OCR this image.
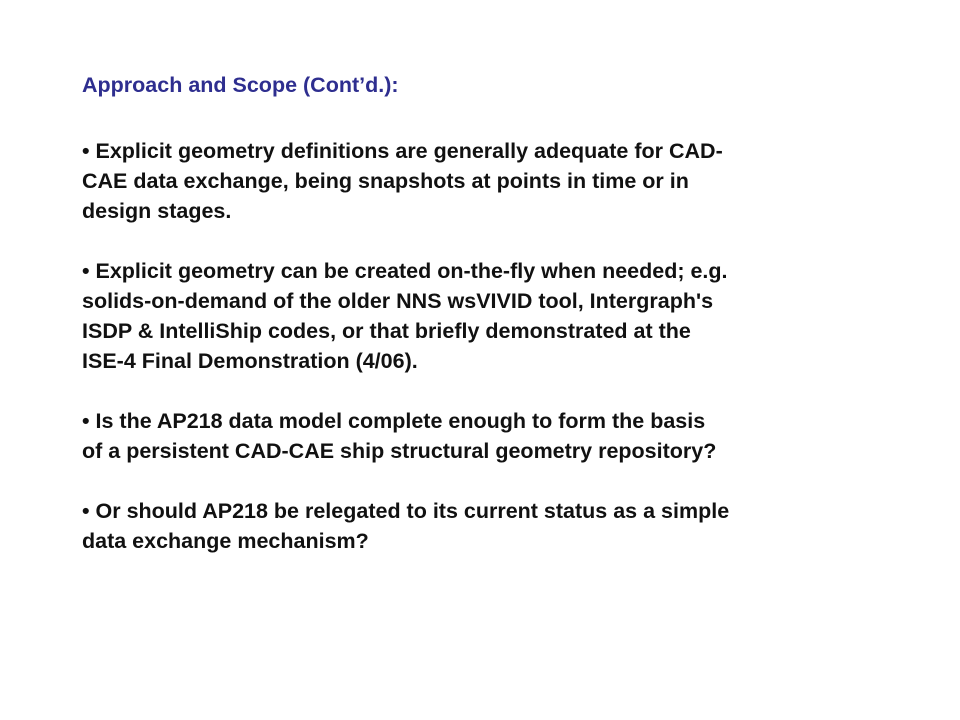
Approach and Scope (Cont’d.):
• Explicit geometry definitions are generally adequate for CAD-
CAE data exchange, being snapshots at points in time or in
design stages.
• Explicit geometry can be created on-the-fly when needed; e.g.
solids-on-demand of the older NNS wsVIVID tool, Intergraph's
ISDP & IntelliShip codes, or that briefly demonstrated at the
ISE-4 Final Demonstration (4/06).
• Is the AP218 data model complete enough to form the basis
of a persistent CAD-CAE ship structural geometry repository?
• Or should AP218 be relegated to its current status as a simple
data exchange mechanism?
